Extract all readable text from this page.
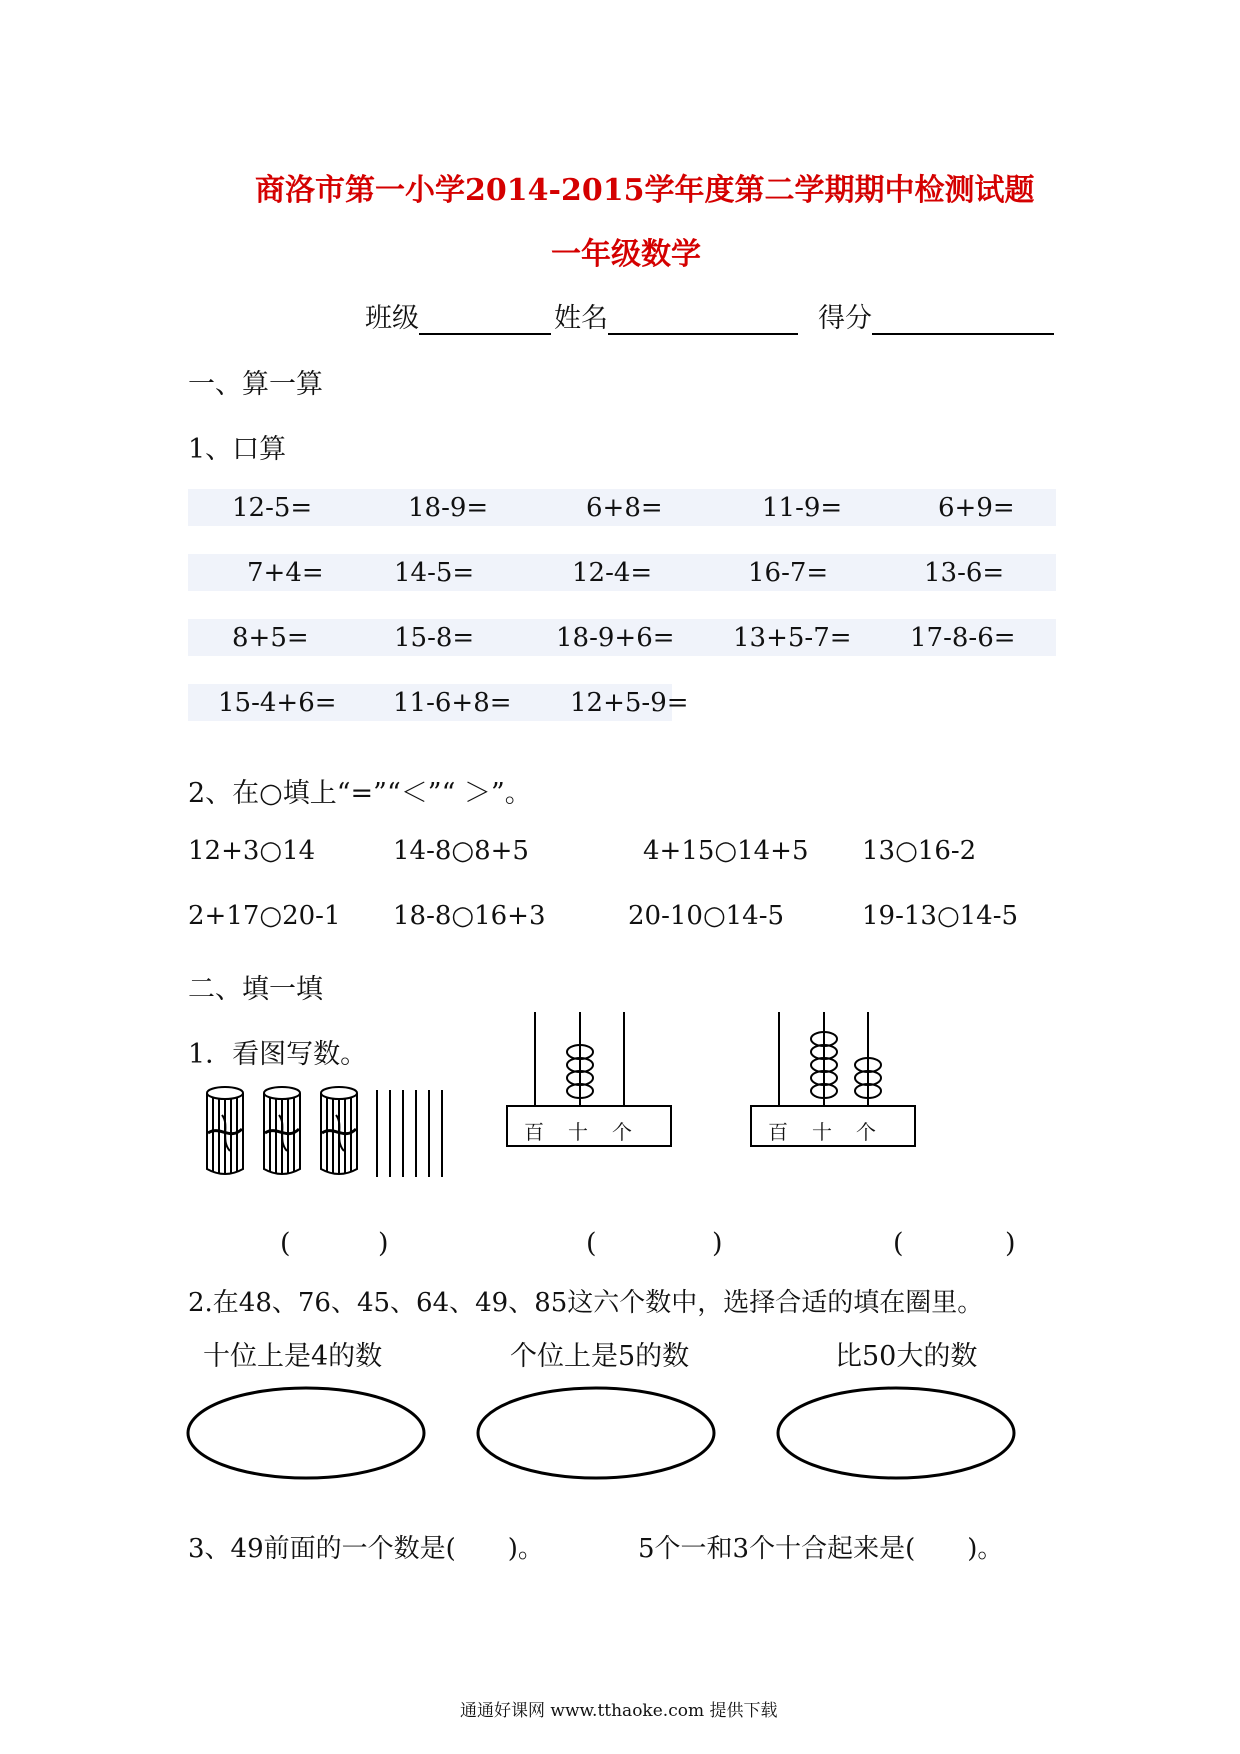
商洛市第一小学2014-2015学年度第二学期期中检测试题
一年级数学
班级	姓名	得分
一、算一算
1、口算
12-5=	18-9=	6+8=	11-9=	6+9=
7+4=	14-5=	12-4=	16-7=	13-6=
8+5=	15-8=	18-9+6= 13+5-7= 17-8-6=
15-4+6= 11-6+8= 12+5-9=
2、在○填上“=”“＜”“ ＞”。
12+3○14	14-8○8+5	4+15○14+5 13○16-2
2+17○20-1 18-8○16+3	20-10○14-5	19-13○14-5
二、填一填
1．看图写数。
百 十 个	百 十 个
(	)	(	)	(	)
2.在48、76、45、64、49、85这六个数中，选择合适的填在圈里。
十位上是4的数	个位上是5的数	比50大的数
3、49前面的一个数是(　　)。	5个一和3个十合起来是(　　)。
通通好课网 www.tthaoke.com 提供下载
